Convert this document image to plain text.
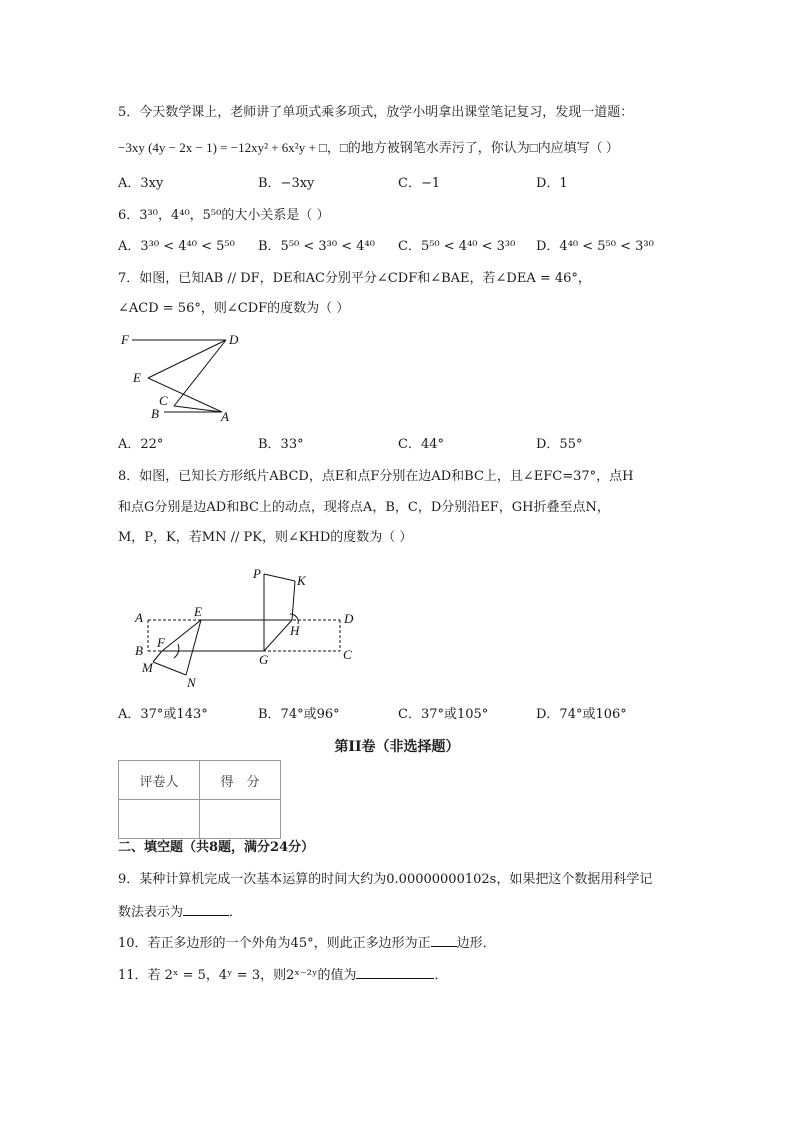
5．今天数学课上，老师讲了单项式乘多项式，放学小明拿出课堂笔记复习，发现一道题：
−3xy (4y − 2x − 1) = −12xy² + 6x²y + □，□的地方被钢笔水弄污了，你认为□内应填写（ ）
A．3xy	B．−3xy	C．−1	D．1
6．3³⁰，4⁴⁰，5⁵⁰的大小关系是（ ）
A．3³⁰ < 4⁴⁰ < 5⁵⁰ B．5⁵⁰ < 3³⁰ < 4⁴⁰ C．5⁵⁰ < 4⁴⁰ < 3³⁰ D．4⁴⁰ < 5⁵⁰ < 3³⁰
7．如图，已知AB // DF，DE和AC分别平分∠CDF和∠BAE，若∠DEA = 46°，
∠ACD = 56°，则∠CDF的度数为（ ）
F	D
E
C
B	A
A．22°	B．33°	C．44°	D．55°
8．如图，已知长方形纸片ABCD，点E和点F分别在边AD和BC上，且∠EFC=37°，点H
和点G分别是边AD和BC上的动点，现将点A，B，C，D分别沿EF，GH折叠至点N，
M，P，K，若MN // PK，则∠KHD的度数为（ ）
P	K
A	E	D
F
H
B
G	C
M
N
A．37°或143°	B．74°或96°	C．37°或105°	D．74°或106°
第II卷（非选择题）
评卷人	得　分

二、填空题（共8题，满分24分）
9．某种计算机完成一次基本运算的时间大约为0.00000000102s，如果把这个数据用科学记
数法表示为	．
10．若正多边形的一个外角为45°，则此正多边形为正 边形．
11．若 2ˣ = 5，4ʸ = 3，则2ˣ⁻²ʸ的值为	．
